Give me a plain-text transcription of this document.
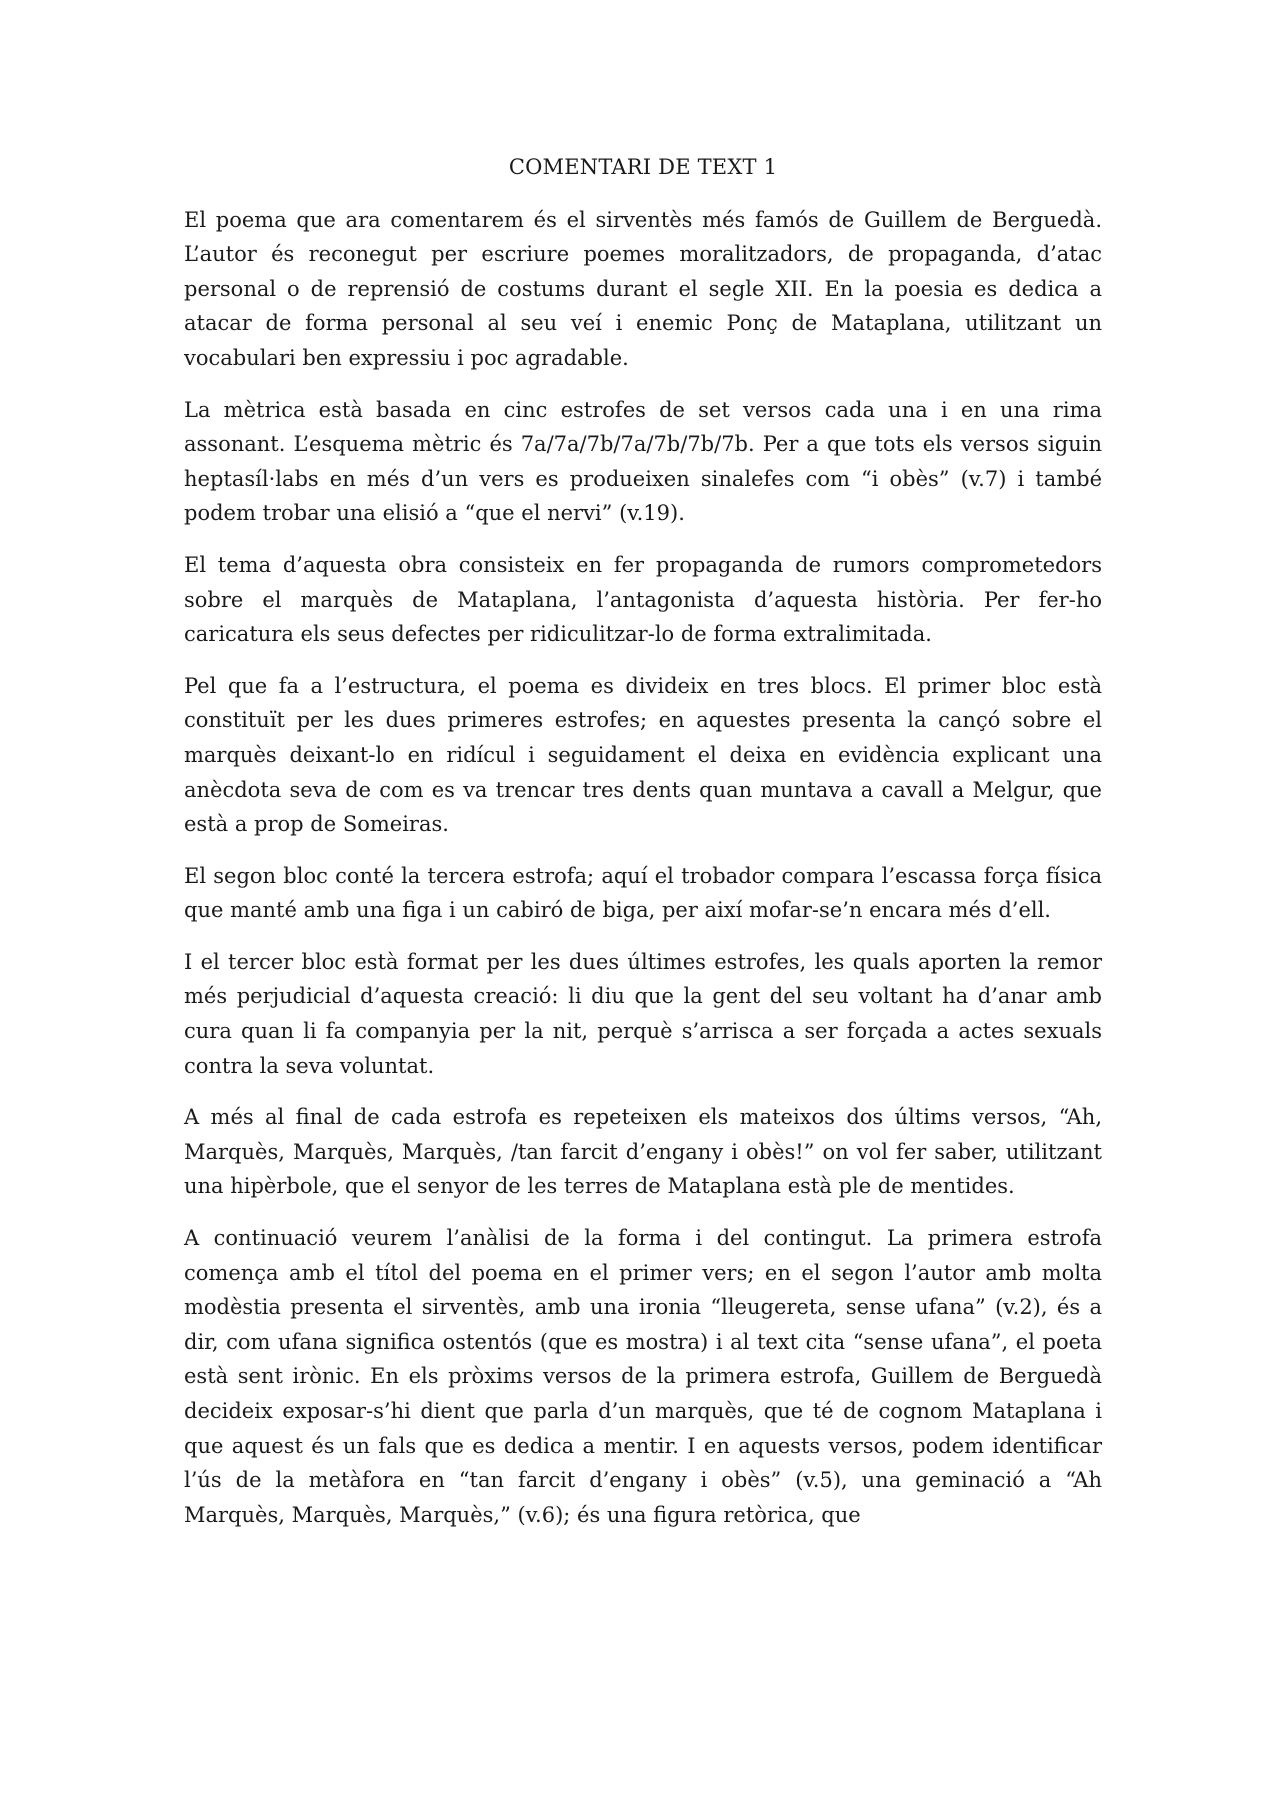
COMENTARI DE TEXT 1

El poema que ara comentarem és el sirventès més famós de Guillem de Berguedà. L’autor és reconegut per escriure poemes moralitzadors, de propaganda, d’atac personal o de reprensió de costums durant el segle XII. En la poesia es dedica a atacar de forma personal al seu veí i enemic Ponç de Mataplana, utilitzant un vocabulari ben expressiu i poc agradable.

La mètrica està basada en cinc estrofes de set versos cada una i en una rima assonant. L’esquema mètric és 7a/7a/7b/7a/7b/7b/7b. Per a que tots els versos siguin heptasíl·labs en més d’un vers es produeixen sinalefes com “i obès” (v.7) i també podem trobar una elisió a “que el nervi” (v.19).

El tema d’aquesta obra consisteix en fer propaganda de rumors comprometedors sobre el marquès de Mataplana, l’antagonista d’aquesta història. Per fer-ho caricatura els seus defectes per ridiculitzar-lo de forma extralimitada.

Pel que fa a l’estructura, el poema es divideix en tres blocs. El primer bloc està constituït per les dues primeres estrofes; en aquestes presenta la cançó sobre el marquès deixant-lo en ridícul i seguidament el deixa en evidència explicant una anècdota seva de com es va trencar tres dents quan muntava a cavall a Melgur, que està a prop de Someiras.

El segon bloc conté la tercera estrofa; aquí el trobador compara l’escassa força física que manté amb una figa i un cabiró de biga, per així mofar-se’n encara més d’ell.

I el tercer bloc està format per les dues últimes estrofes, les quals aporten la remor més perjudicial d’aquesta creació: li diu que la gent del seu voltant ha d’anar amb cura quan li fa companyia per la nit, perquè s’arrisca a ser forçada a actes sexuals contra la seva voluntat.

A més al final de cada estrofa es repeteixen els mateixos dos últims versos, “Ah, Marquès, Marquès, Marquès, /tan farcit d’engany i obès!” on vol fer saber, utilitzant una hipèrbole, que el senyor de les terres de Mataplana està ple de mentides.

A continuació veurem l’anàlisi de la forma i del contingut. La primera estrofa comença amb el títol del poema en el primer vers; en el segon l’autor amb molta modèstia presenta el sirventès, amb una ironia “lleugereta, sense ufana” (v.2), és a dir, com ufana significa ostentós (que es mostra) i al text cita “sense ufana”, el poeta està sent irònic. En els pròxims versos de la primera estrofa, Guillem de Berguedà decideix exposar-s’hi dient que parla d’un marquès, que té de cognom Mataplana i que aquest és un fals que es dedica a mentir. I en aquests versos, podem identificar l’ús de la metàfora en “tan farcit d’engany i obès” (v.5), una geminació a “Ah Marquès, Marquès, Marquès,” (v.6); és una figura retòrica, que
